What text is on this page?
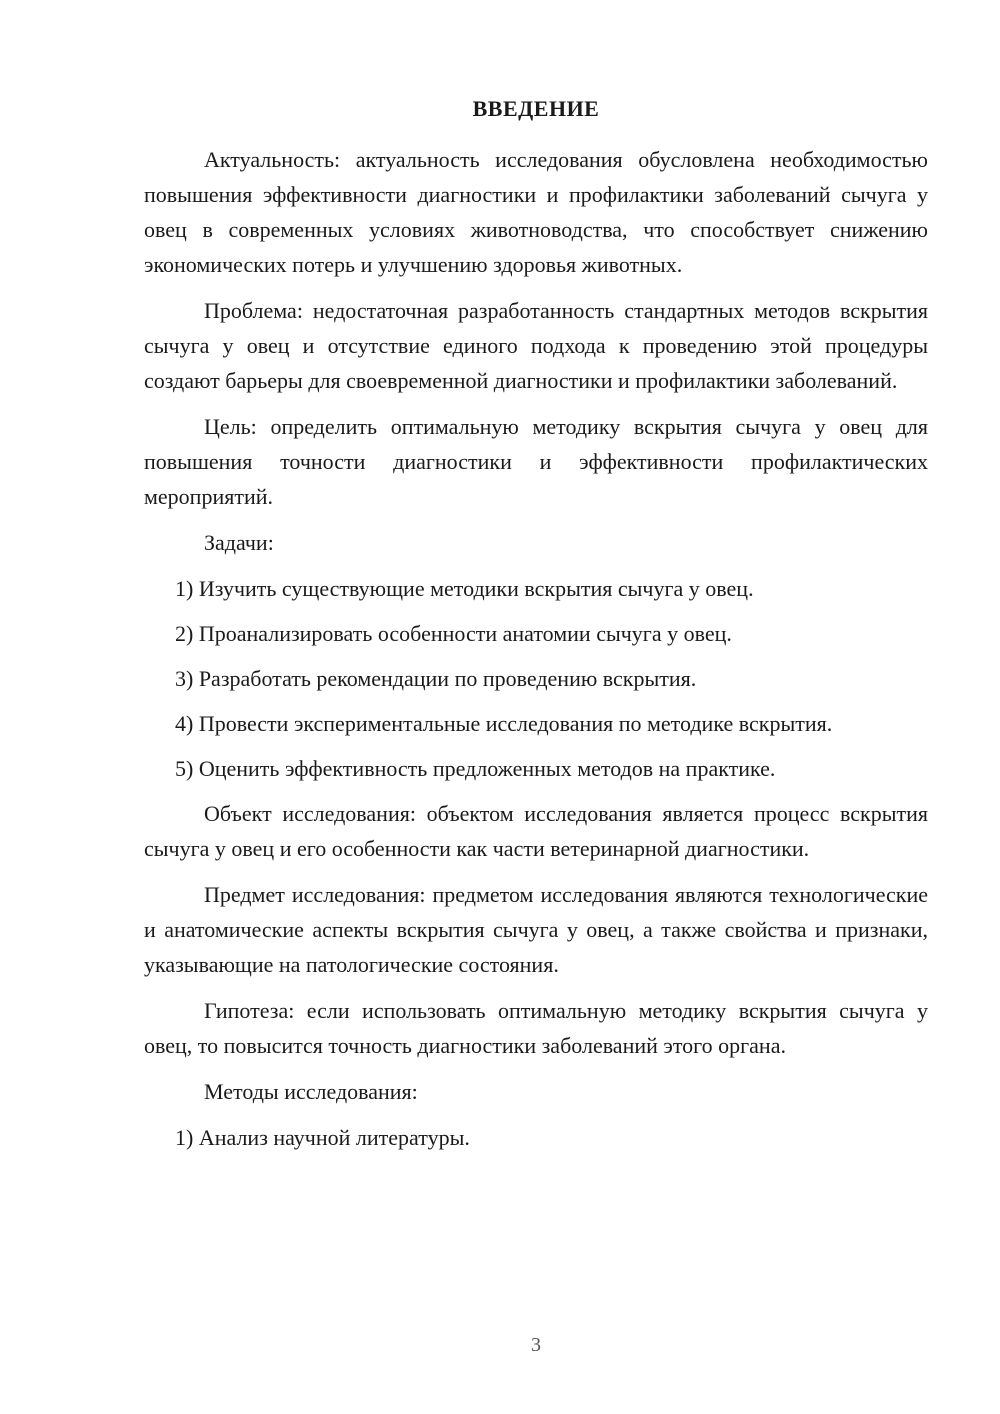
ВВЕДЕНИЕ

Актуальность: актуальность исследования обусловлена необходимостью повышения эффективности диагностики и профилактики заболеваний сычуга у овец в современных условиях животноводства, что способствует снижению экономических потерь и улучшению здоровья животных.

Проблема: недостаточная разработанность стандартных методов вскрытия сычуга у овец и отсутствие единого подхода к проведению этой процедуры создают барьеры для своевременной диагностики и профилактики заболеваний.

Цель: определить оптимальную методику вскрытия сычуга у овец для повышения точности диагностики и эффективности профилактических мероприятий.

Задачи:

1) Изучить существующие методики вскрытия сычуга у овец.
2) Проанализировать особенности анатомии сычуга у овец.
3) Разработать рекомендации по проведению вскрытия.
4) Провести экспериментальные исследования по методике вскрытия.
5) Оценить эффективность предложенных методов на практике.

Объект исследования: объектом исследования является процесс вскрытия сычуга у овец и его особенности как части ветеринарной диагностики.

Предмет исследования: предметом исследования являются технологические и анатомические аспекты вскрытия сычуга у овец, а также свойства и признаки, указывающие на патологические состояния.

Гипотеза: если использовать оптимальную методику вскрытия сычуга у овец, то повысится точность диагностики заболеваний этого органа.

Методы исследования:

1) Анализ научной литературы.
3
